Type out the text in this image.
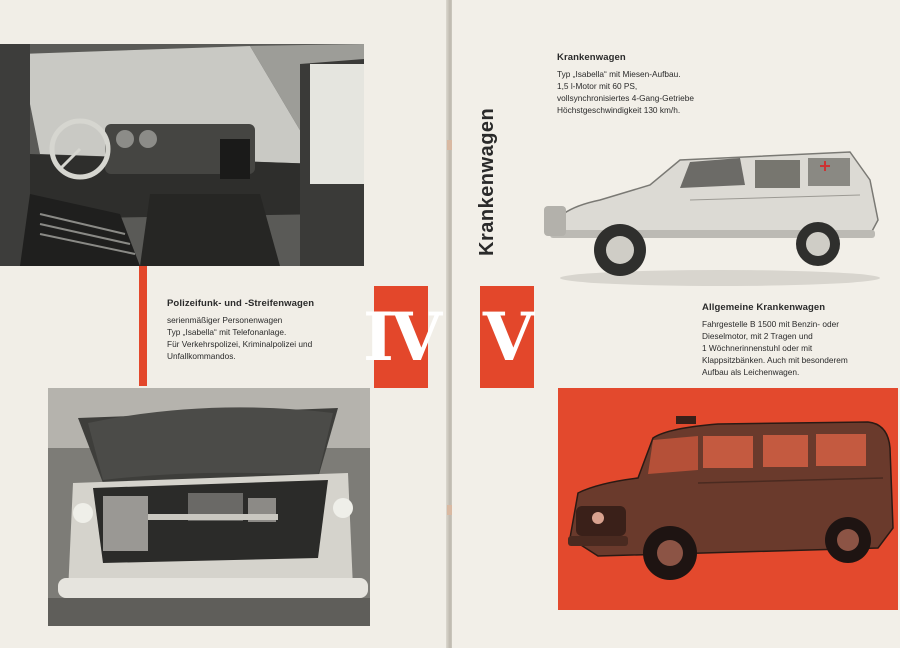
Polizeifunk- und -Streifenwagen

serienmäßiger Personenwagen

Typ „Isabella“ mit Telefonanlage.

Für Verkehrspolizei, Kriminalpolizei und

Unfallkommandos.	IV
Krankenwagen
V

Krankenwagen

Typ „Isabella“ mit Miesen-Aufbau.

1,5 l-Motor mit 60 PS,

vollsynchronisiertes 4-Gang-Getriebe

Höchstgeschwindigkeit 130 km/h.

Allgemeine Krankenwagen

Fahrgestelle B 1500 mit Benzin- oder

Dieselmotor, mit 2 Tragen und

1 Wöchnerinnenstuhl oder mit

Klappsitzbänken. Auch mit besonderem

Aufbau als Leichenwagen.
